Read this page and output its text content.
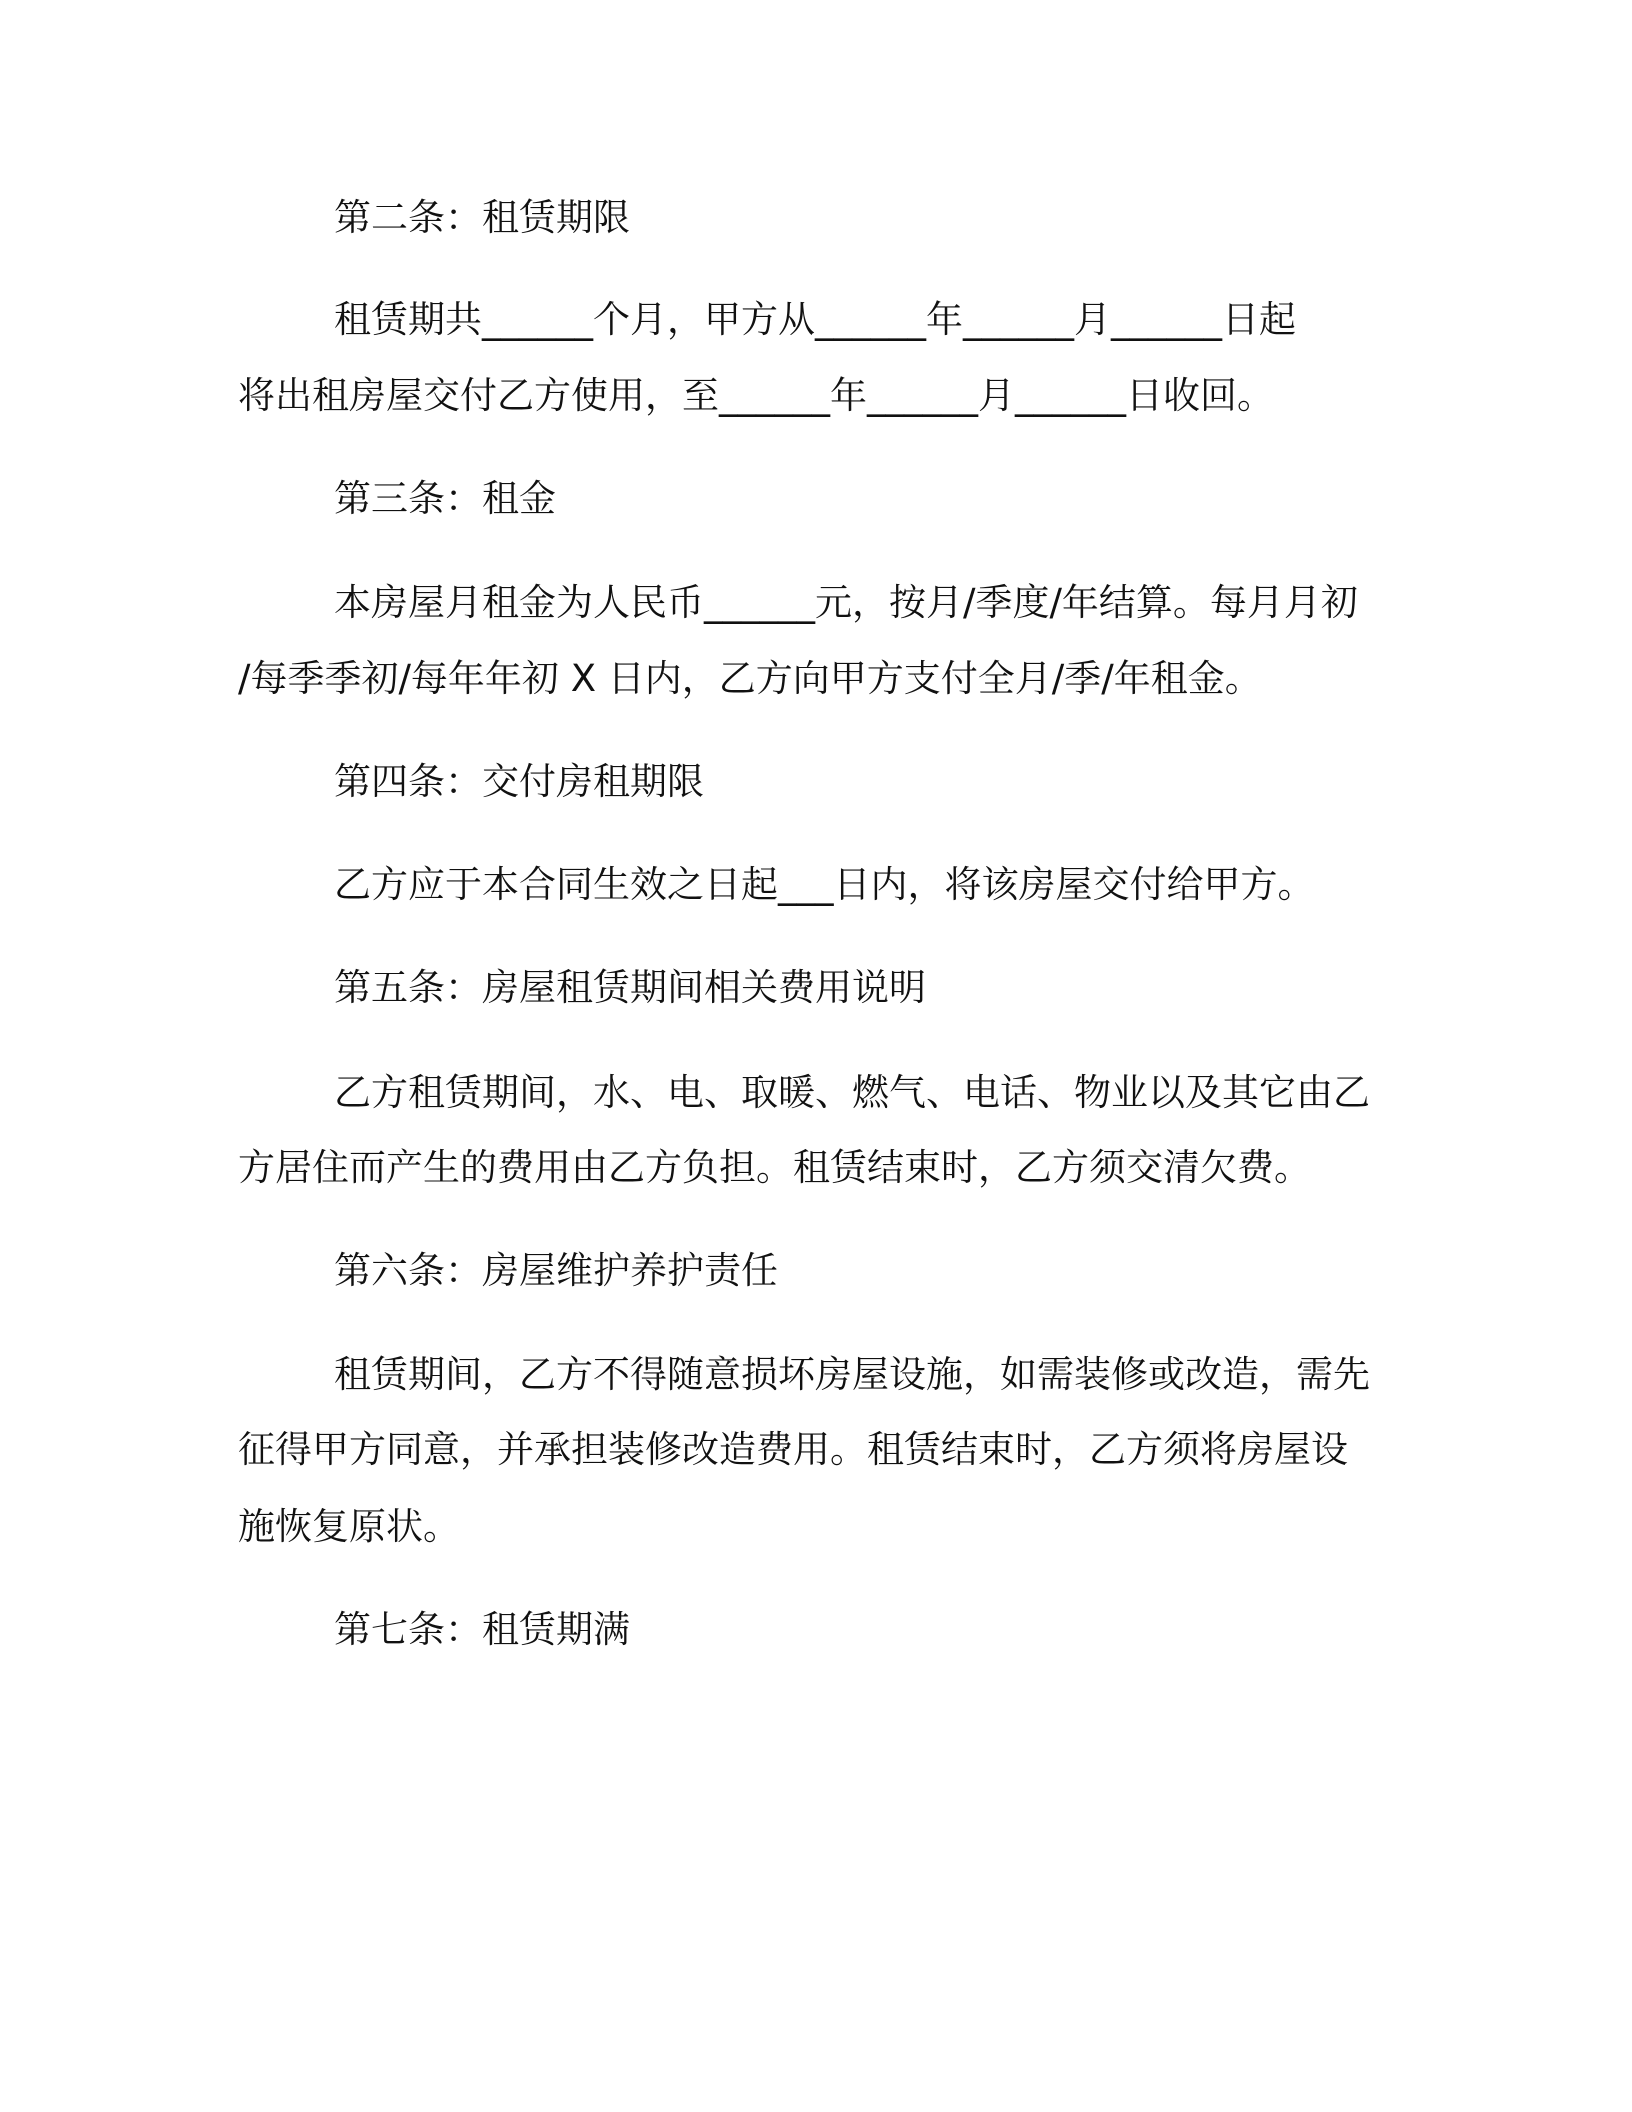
第二条：租赁期限
租赁期共______个月，甲方从______年______月______日起
将出租房屋交付乙方使用，至______年______月______日收回。
第三条：租金
本房屋月租金为人民币______元，按月/季度/年结算。每月月初
/每季季初/每年年初 X 日内，乙方向甲方支付全月/季/年租金。
第四条：交付房租期限
乙方应于本合同生效之日起___日内，将该房屋交付给甲方。
第五条：房屋租赁期间相关费用说明
乙方租赁期间，水、电、取暖、燃气、电话、物业以及其它由乙
方居住而产生的费用由乙方负担。租赁结束时，乙方须交清欠费。
第六条：房屋维护养护责任
租赁期间，乙方不得随意损坏房屋设施，如需装修或改造，需先
征得甲方同意，并承担装修改造费用。租赁结束时，乙方须将房屋设
施恢复原状。
第七条：租赁期满
